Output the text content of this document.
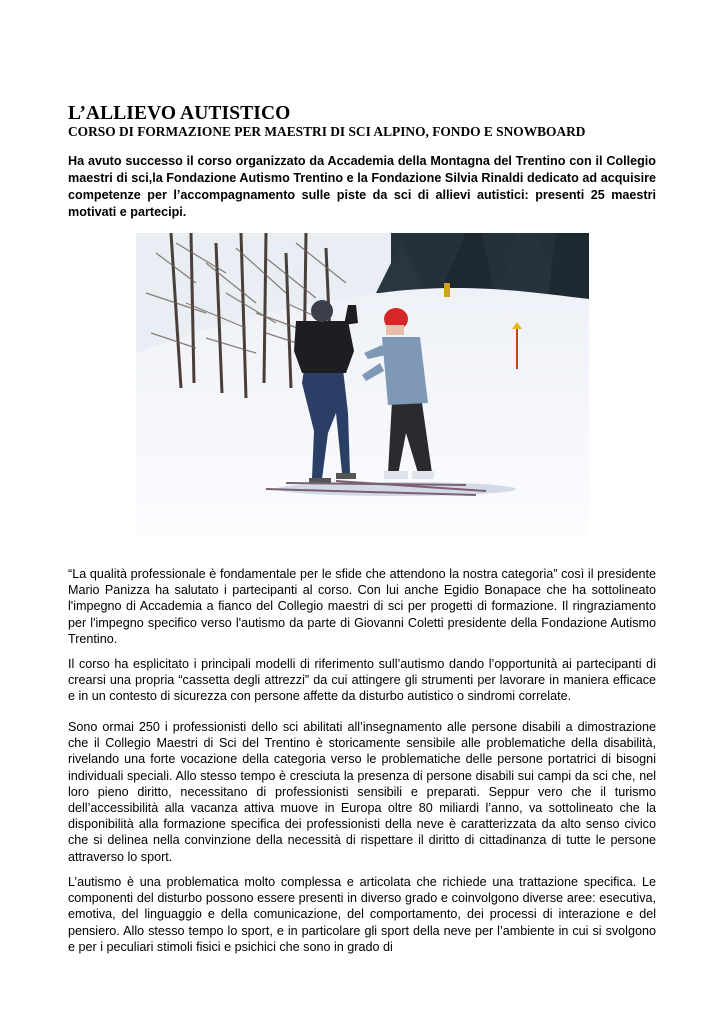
L’ALLIEVO AUTISTICO
CORSO DI FORMAZIONE PER MAESTRI DI SCI ALPINO, FONDO E SNOWBOARD

Ha avuto successo il corso organizzato da Accademia della Montagna del Trentino con il Collegio maestri di sci,la Fondazione Autismo Trentino e la Fondazione Silvia Rinaldi dedicato ad acquisire competenze per l’accompagnamento sulle piste da sci di allievi autistici: presenti 25 maestri motivati e partecipi.

“La qualità professionale è fondamentale per le sfide che attendono la nostra categoria” così il presidente Mario Panizza ha salutato i partecipanti al corso. Con lui anche Egidio Bonapace che ha sottolineato l'impegno di Accademia a fianco del Collegio maestri di sci per progetti di formazione. Il ringraziamento per l'impegno specifico verso l'autismo da parte di Giovanni Coletti presidente della Fondazione Autismo Trentino.

Il corso ha esplicitato i principali modelli di riferimento sull’autismo dando l’opportunità ai partecipanti di crearsi una propria “cassetta degli attrezzi” da cui attingere gli strumenti per lavorare in maniera efficace e in un contesto di sicurezza con persone affette da disturbo autistico o sindromi correlate.

Sono ormai 250 i professionisti dello sci abilitati all’insegnamento alle persone disabili a dimostrazione che il Collegio Maestri di Sci del Trentino è storicamente sensibile alle problematiche della disabilità, rivelando una forte vocazione della categoria verso le problematiche delle persone portatrici di bisogni individuali speciali. Allo stesso tempo è cresciuta la presenza di persone disabili sui campi da sci che, nel loro pieno diritto, necessitano di professionisti sensibili e preparati. Seppur vero che il turismo dell’accessibilità alla vacanza attiva muove in Europa oltre 80 miliardi l’anno, va sottolineato che la disponibilità alla formazione specifica dei professionisti della neve è caratterizzata da alto senso civico che si delinea nella convinzione della necessità di rispettare il diritto di cittadinanza di tutte le persone attraverso lo sport.

L’autismo è una problematica molto complessa e articolata che richiede una trattazione specifica. Le componenti del disturbo possono essere presenti in diverso grado e coinvolgono diverse aree: esecutiva, emotiva, del linguaggio e della comunicazione, del comportamento, dei processi di interazione e del pensiero. Allo stesso tempo lo sport, e in particolare gli sport della neve per l’ambiente in cui si svolgono e per i peculiari stimoli fisici e psichici che sono in grado di
